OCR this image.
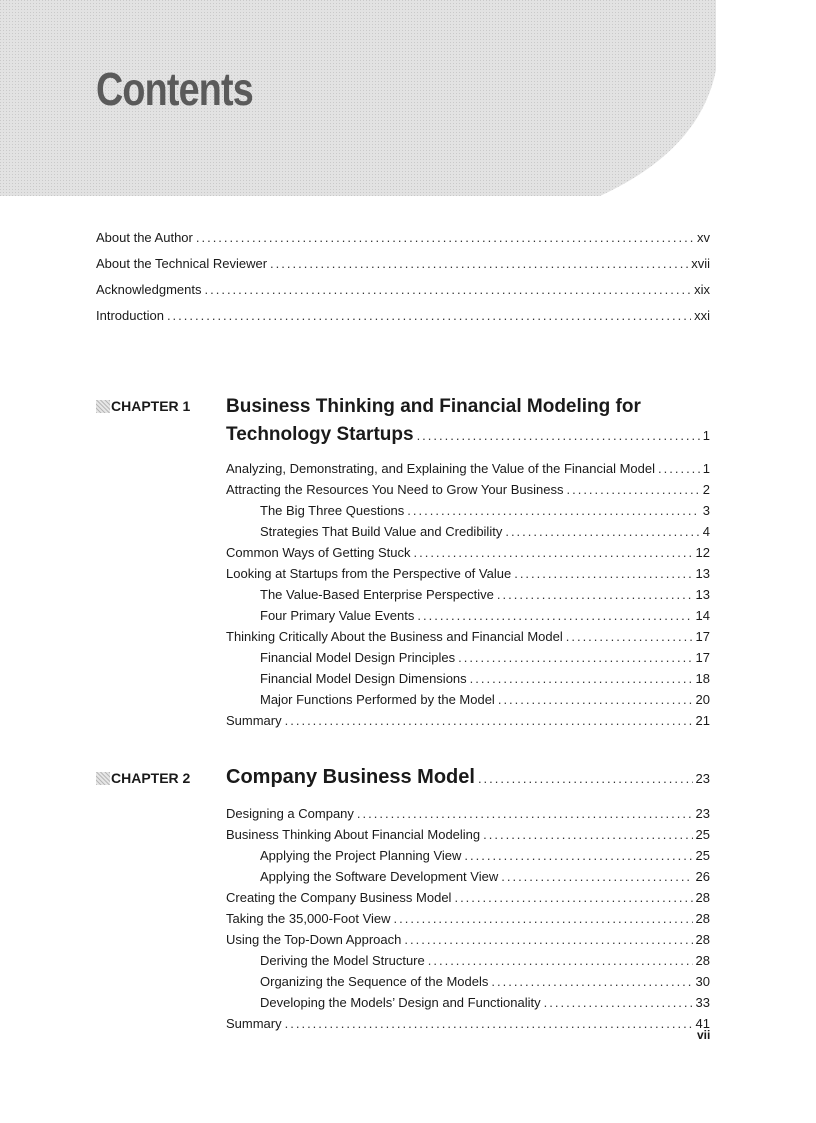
Contents
About the Author .....	xv
About the Technical Reviewer .....	xvii
Acknowledgments .....	xix
Introduction .....	xxi
CHAPTER 1 Business Thinking and Financial Modeling for
Technology Startups .....	1
Analyzing, Demonstrating, and Explaining the Value of the Financial Model .....	1
Attracting the Resources You Need to Grow Your Business .....	2
The Big Three Questions .....	3
Strategies That Build Value and Credibility .....	4
Common Ways of Getting Stuck .....	12
Looking at Startups from the Perspective of Value .....	13
The Value-Based Enterprise Perspective .....	13
Four Primary Value Events .....	14
Thinking Critically About the Business and Financial Model .....	17
Financial Model Design Principles .....	17
Financial Model Design Dimensions .....	18
Major Functions Performed by the Model .....	20
Summary .....	21
CHAPTER 2 Company Business Model .....	23
Designing a Company .....	23
Business Thinking About Financial Modeling .....	25
Applying the Project Planning View .....	25
Applying the Software Development View .....	26
Creating the Company Business Model .....	28
Taking the 35,000-Foot View .....	28
Using the Top-Down Approach .....	28
Deriving the Model Structure .....	28
Organizing the Sequence of the Models .....	30
Developing the Models’ Design and Functionality .....	33
Summary .....	41
vii
